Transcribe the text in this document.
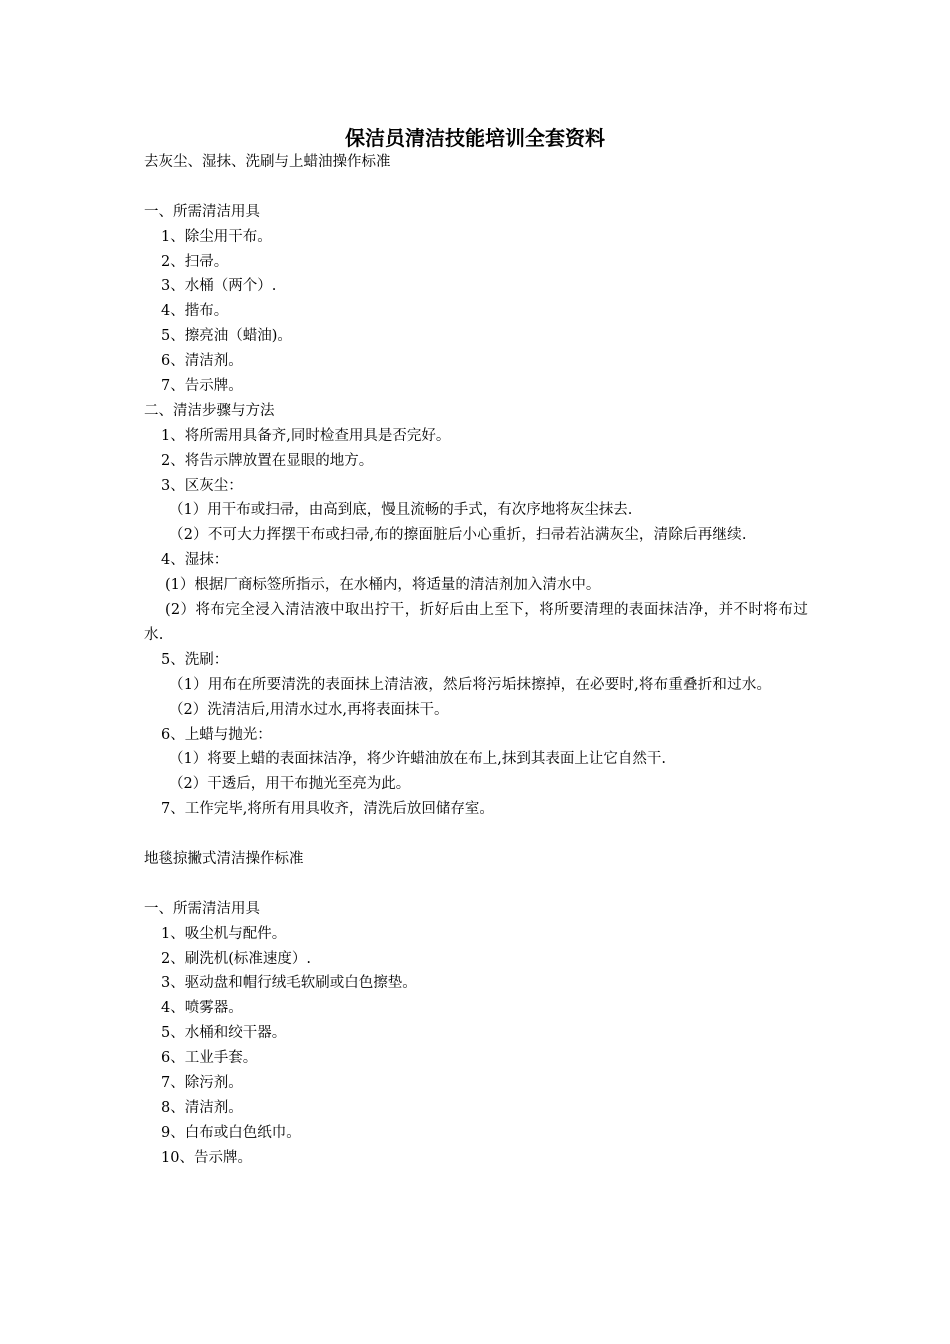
保洁员清洁技能培训全套资料
去灰尘、湿抹、洗刷与上蜡油操作标准
一、所需清洁用具
1、除尘用干布。
2、扫帚。
3、水桶（两个）.
4、揩布。
5、擦亮油（蜡油)。
6、清洁剂。
7、告示牌。
二、清洁步骤与方法
1、将所需用具备齐,同时检查用具是否完好。
2、将告示牌放置在显眼的地方。
3、区灰尘：
（1）用干布或扫帚，由高到底，慢且流畅的手式，有次序地将灰尘抹去.
（2）不可大力挥摆干布或扫帚,布的擦面脏后小心重折，扫帚若沾满灰尘，清除后再继续.
4、湿抹：
(1）根据厂商标签所指示，在水桶内，将适量的清洁剂加入清水中。
(2）将布完全浸入清洁液中取出拧干，折好后由上至下，将所要清理的表面抹洁净，并不时将布过水.
5、洗刷：
（1）用布在所要清洗的表面抹上清洁液，然后将污垢抹擦掉，在必要时,将布重叠折和过水。
（2）洗清洁后,用清水过水,再将表面抹干。
6、上蜡与抛光：
（1）将要上蜡的表面抹洁净，将少许蜡油放在布上,抹到其表面上让它自然干.
（2）干透后，用干布抛光至亮为此。
7、工作完毕,将所有用具收齐，清洗后放回储存室。
地毯掠撇式清洁操作标准
一、所需清洁用具
1、吸尘机与配件。
2、刷洗机(标准速度）.
3、驱动盘和帽行绒毛软刷或白色擦垫。
4、喷雾器。
5、水桶和绞干器。
6、工业手套。
7、除污剂。
8、清洁剂。
9、白布或白色纸巾。
10、告示牌。
